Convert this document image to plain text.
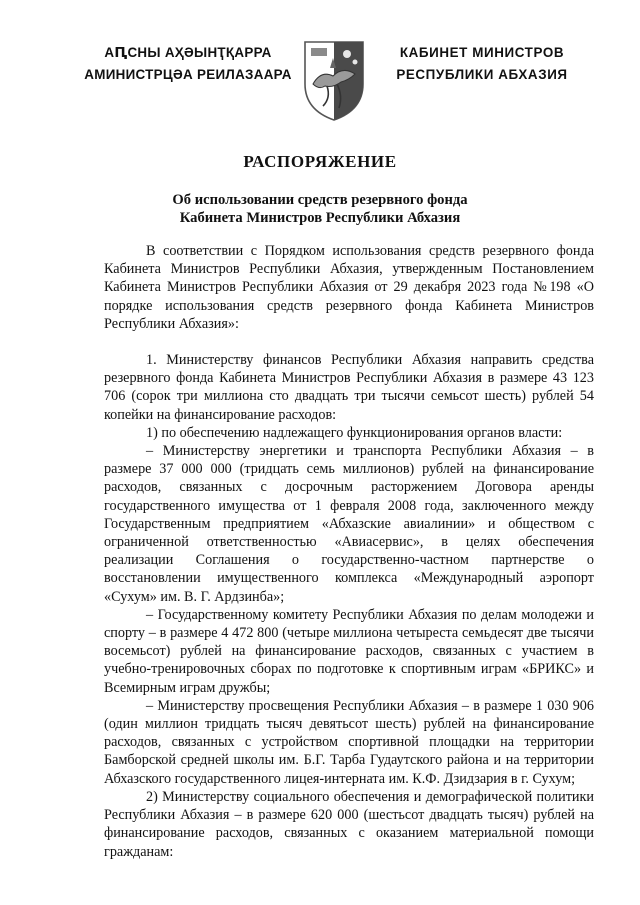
АԤСНЫ АҲӘЫНҬҚАРРА
АМИНИСТРЦӘА РЕИЛАЗААРА
КАБИНЕТ МИНИСТРОВ
РЕСПУБЛИКИ АБХАЗИЯ
РАСПОРЯЖЕНИЕ
Об использовании средств резервного фонда
Кабинета Министров Республики Абхазия

В соответствии с Порядком использования средств резервного фонда Кабинета Министров Республики Абхазия, утвержденным Постановлением Кабинета Министров Республики Абхазия от 29 декабря 2023 года №198 «О порядке использования средств резервного фонда Кабинета Министров Республики Абхазия»:

1. Министерству финансов Республики Абхазия направить средства резервного фонда Кабинета Министров Республики Абхазия в размере 43 123 706 (сорок три миллиона сто двадцать три тысячи семьсот шесть) рублей 54 копейки на финансирование расходов:

1) по обеспечению надлежащего функционирования органов власти:

– Министерству энергетики и транспорта Республики Абхазия – в размере 37 000 000 (тридцать семь миллионов) рублей на финансирование расходов, связанных с досрочным расторжением Договора аренды государственного имущества от 1 февраля 2008 года, заключенного между Государственным предприятием «Абхазские авиалинии» и обществом с ограниченной ответственностью «Авиасервис», в целях обеспечения реализации Соглашения о государственно-частном партнерстве о восстановлении имущественного комплекса «Международный аэропорт «Сухум» им. В. Г. Ардзинба»;

– Государственному комитету Республики Абхазия по делам молодежи и спорту – в размере 4 472 800 (четыре миллиона четыреста семьдесят две тысячи восемьсот) рублей на финансирование расходов, связанных с участием в учебно-тренировочных сборах по подготовке к спортивным играм «БРИКС» и Всемирным играм дружбы;

– Министерству просвещения Республики Абхазия – в размере 1 030 906 (один миллион тридцать тысяч девятьсот шесть) рублей на финансирование расходов, связанных с устройством спортивной площадки на территории Бамборской средней школы им. Б.Г. Тарба Гудаутского района и на территории Абхазского государственного лицея-интерната им. К.Ф. Дзидзария в г. Сухум;

2) Министерству социального обеспечения и демографической политики Республики Абхазия – в размере 620 000 (шестьсот двадцать тысяч) рублей на финансирование расходов, связанных с оказанием материальной помощи гражданам:
